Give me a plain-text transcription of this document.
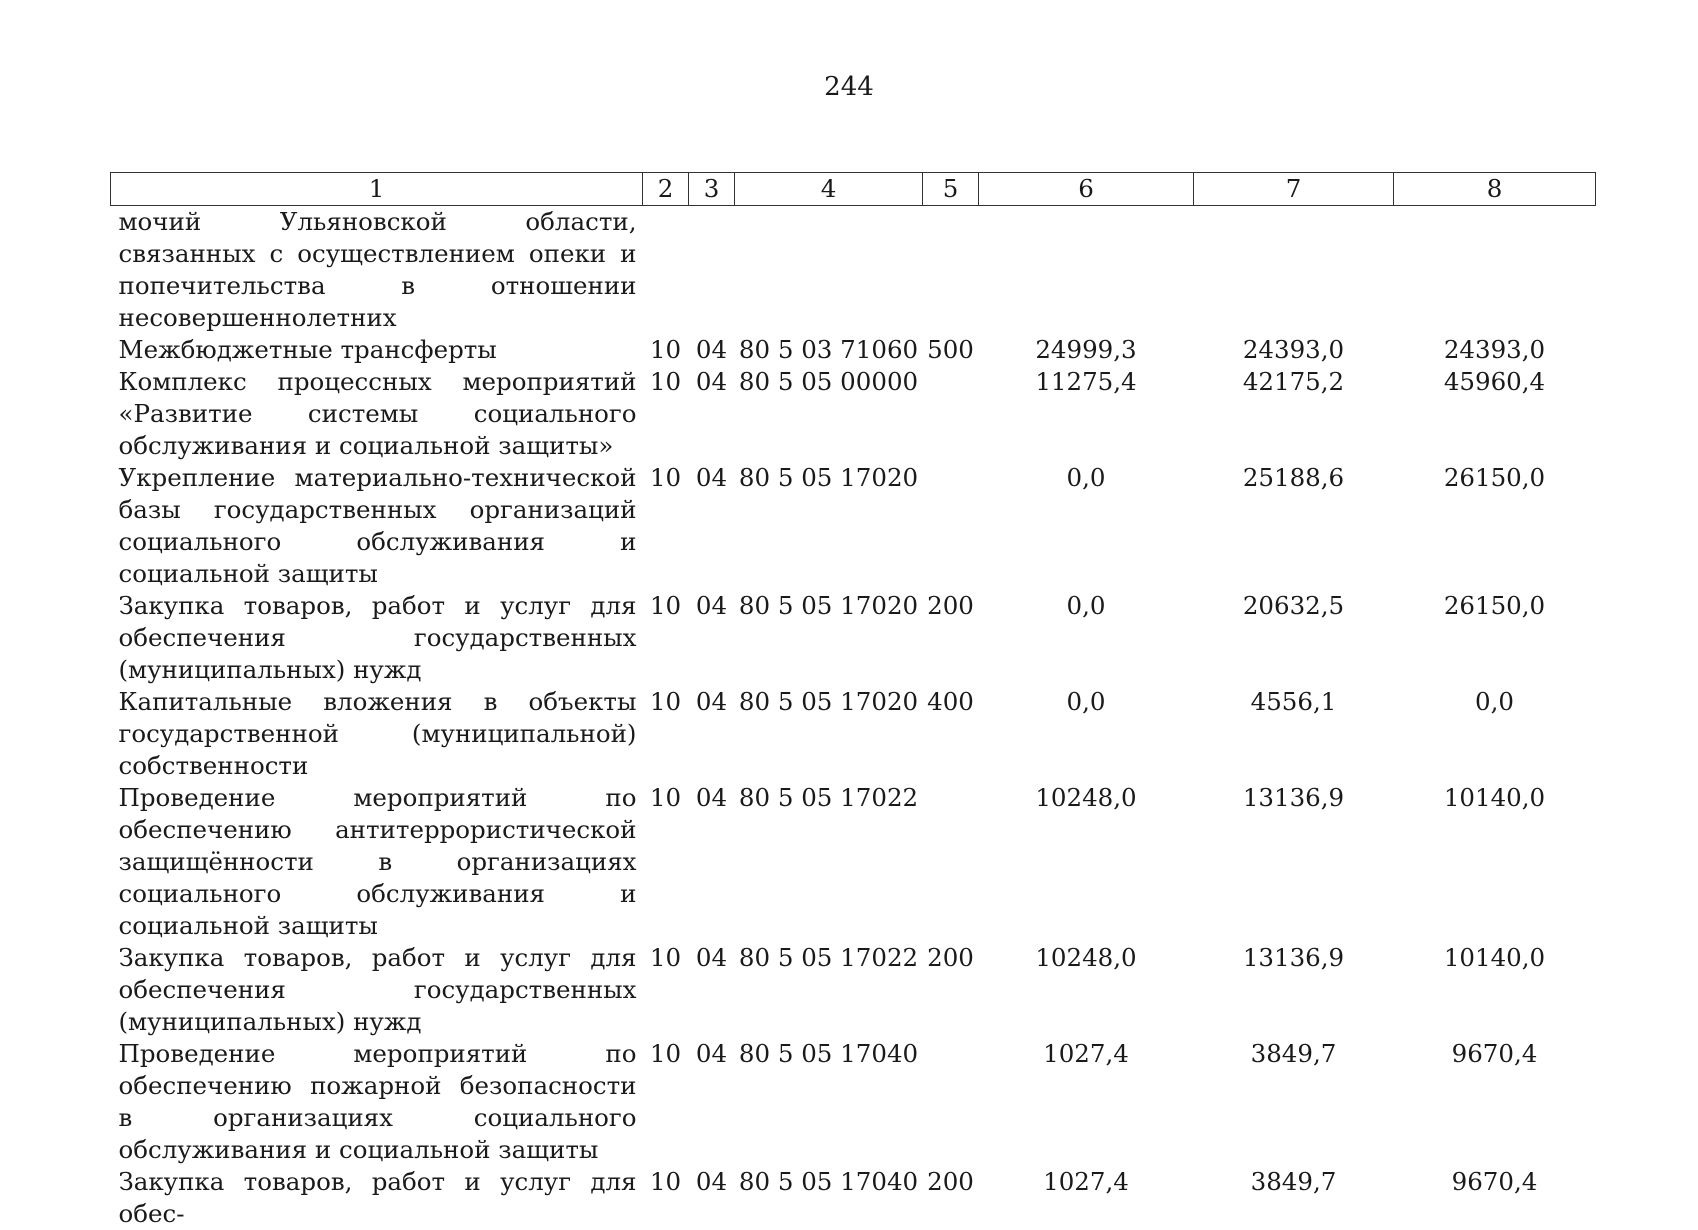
244
1	2	3	4	5	6	7	8
мочий Ульяновской области, связанных с осуществлением опеки и попечительства в отношении несовершеннолетних							
Межбюджетные трансферты	10	04	80 5 03 71060	500	24999,3	24393,0	24393,0
Комплекс процессных мероприятий «Развитие системы социального обслуживания и социальной защиты»	10	04	80 5 05 00000		11275,4	42175,2	45960,4
Укрепление материально-технической базы государственных организаций социального обслуживания и социальной защиты	10	04	80 5 05 17020		0,0	25188,6	26150,0
Закупка товаров, работ и услуг для обеспечения государственных (муниципальных) нужд	10	04	80 5 05 17020	200	0,0	20632,5	26150,0
Капитальные вложения в объекты государственной (муниципальной) собственности	10	04	80 5 05 17020	400	0,0	4556,1	0,0
Проведение мероприятий по обеспечению антитеррористической защищённости в организациях социального обслуживания и социальной защиты	10	04	80 5 05 17022		10248,0	13136,9	10140,0
Закупка товаров, работ и услуг для обеспечения государственных (муниципальных) нужд	10	04	80 5 05 17022	200	10248,0	13136,9	10140,0
Проведение мероприятий по обеспечению пожарной безопасности в организациях социального обслуживания и социальной защиты	10	04	80 5 05 17040		1027,4	3849,7	9670,4
Закупка товаров, работ и услуг для обес-	10	04	80 5 05 17040	200	1027,4	3849,7	9670,4
